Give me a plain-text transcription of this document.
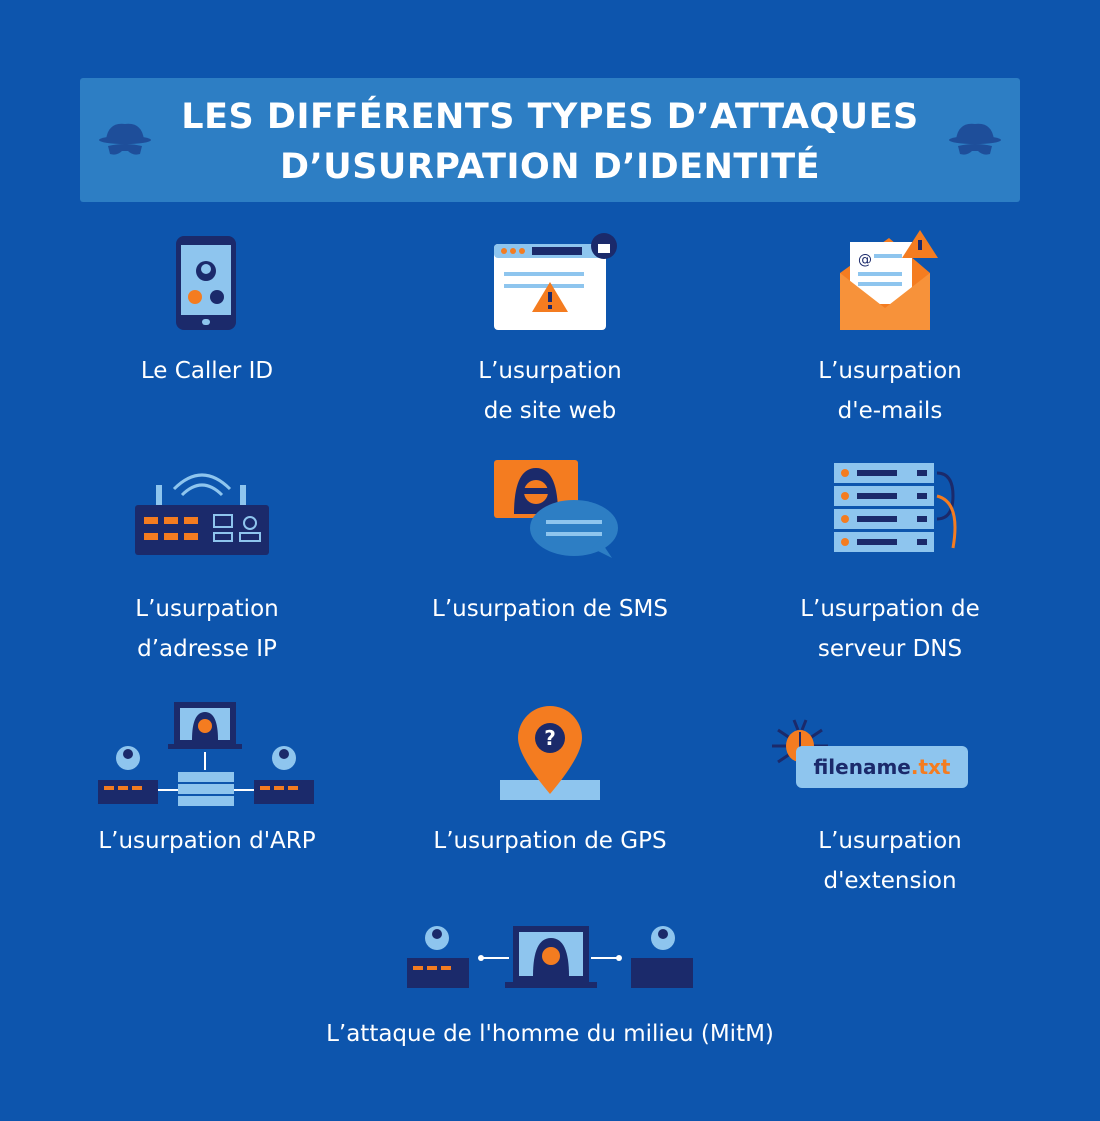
LES DIFFÉRENTS TYPES D’ATTAQUES
D’USURPATION D’IDENTITÉ
Le Caller ID	L’usurpation
de site web
@
L’usurpation
d'e-mails
L’usurpation
d’adresse IP
L’usurpation de SMS	L’usurpation de
serveur DNS
L’usurpation d'ARP
?
L’usurpation de GPS
filename.txt
L’usurpation
d'extension
L’attaque de l'homme du milieu (MitM)
